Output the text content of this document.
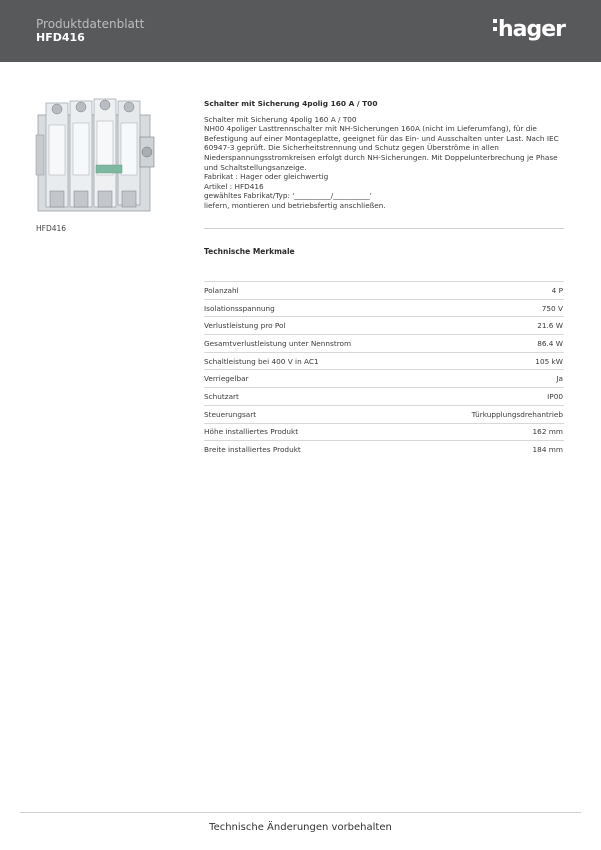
Produktdatenblatt
HFD416	hager
HFD416
Schalter mit Sicherung 4polig 160 A / T00

Schalter mit Sicherung 4polig 160 A / T00

NH00 4poliger Lasttrennschalter mit NH-Sicherungen 160A (nicht im Lieferumfang), für die

Befestigung auf einer Montageplatte, geeignet für das Ein- und Ausschalten unter Last. Nach IEC

60947-3 geprüft. Die Sicherheitstrennung und Schutz gegen Überströme in allen

Niederspannungsstromkreisen erfolgt durch NH-Sicherungen. Mit Doppelunterbrechung je Phase

und Schaltstellungsanzeige.

Fabrikat : Hager oder gleichwertig

Artikel : HFD416

gewähltes Fabrikat/Typ: '__________/__________'

liefern, montieren und betriebsfertig anschließen.

Technische Merkmale
Polanzahl	4 P
Isolationsspannung	750 V
Verlustleistung pro Pol	21.6 W
Gesamtverlustleistung unter Nennstrom	86.4 W
Schaltleistung bei 400 V in AC1	105 kW
Verriegelbar	Ja
Schutzart	IP00
Steuerungsart	Türkupplungsdrehantrieb
Höhe installiertes Produkt	162 mm
Breite installiertes Produkt	184 mm
Technische Änderungen vorbehalten
